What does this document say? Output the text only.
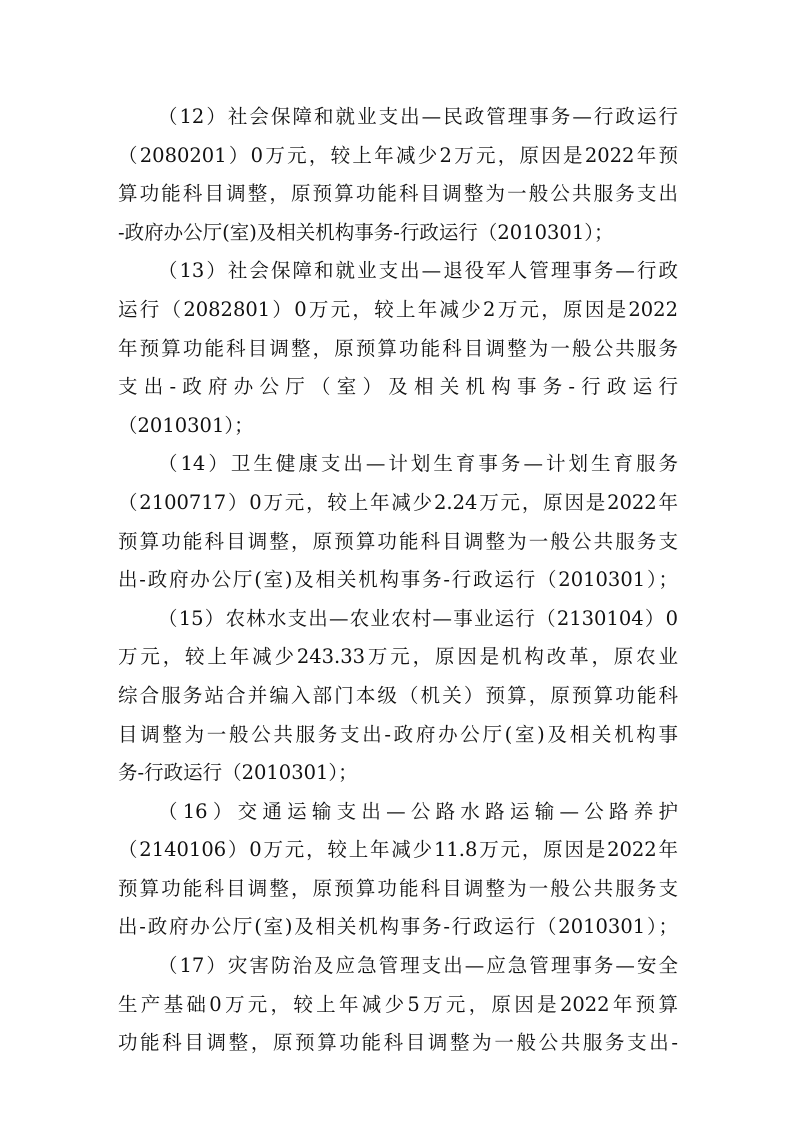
（12）社会保障和就业支出—民政管理事务—行政运行
（2080201）0万元，较上年减少2万元，原因是2022年预
算功能科目调整，原预算功能科目调整为一般公共服务支出
-政府办公厅(室)及相关机构事务-行政运行（2010301）；
（13）社会保障和就业支出—退役军人管理事务—行政
运行（2082801）0万元，较上年减少2万元，原因是2022
年预算功能科目调整，原预算功能科目调整为一般公共服务
支出-政府办公厅（室）及相关机构事务-行政运行
（2010301）；
（14）卫生健康支出—计划生育事务—计划生育服务
（2100717）0万元，较上年减少2.24万元，原因是2022年
预算功能科目调整，原预算功能科目调整为一般公共服务支
出-政府办公厅(室)及相关机构事务-行政运行（2010301）；
（15）农林水支出—农业农村—事业运行（2130104）0
万元，较上年减少243.33万元，原因是机构改革，原农业
综合服务站合并编入部门本级（机关）预算，原预算功能科
目调整为一般公共服务支出-政府办公厅(室)及相关机构事
务-行政运行（2010301）；
（16）交通运输支出—公路水路运输—公路养护
（2140106）0万元，较上年减少11.8万元，原因是2022年
预算功能科目调整，原预算功能科目调整为一般公共服务支
出-政府办公厅(室)及相关机构事务-行政运行（2010301）；
（17）灾害防治及应急管理支出—应急管理事务—安全
生产基础0万元，较上年减少5万元，原因是2022年预算
功能科目调整，原预算功能科目调整为一般公共服务支出-
